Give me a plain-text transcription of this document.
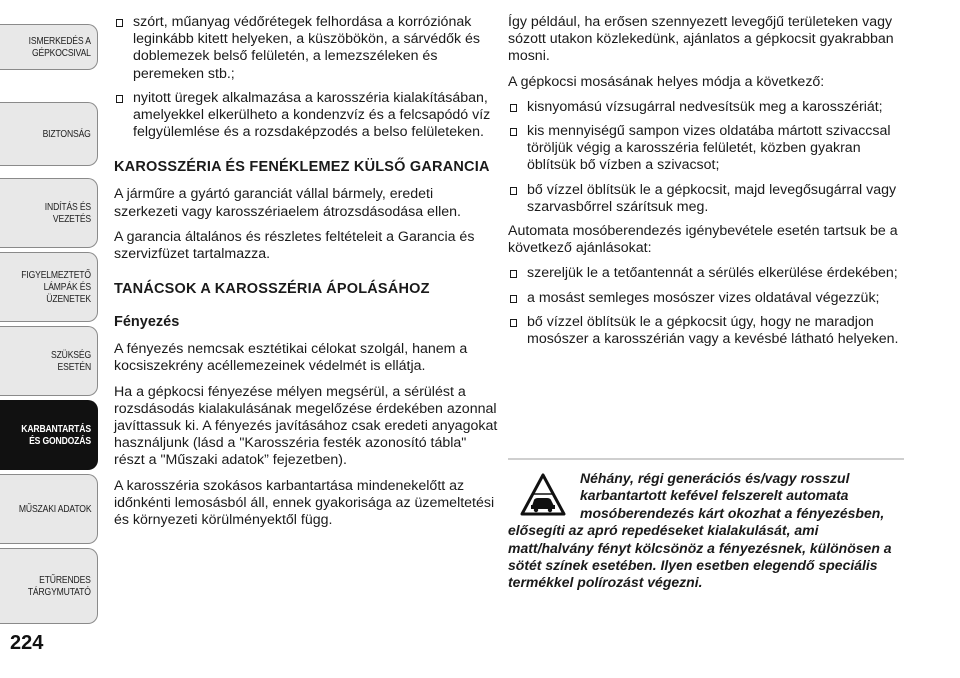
ISMERKEDÉS A
GÉPKOCSIVAL
BIZTONSÁG
INDÍTÁS ÉS VEZETÉS
FIGYELMEZTETŐ
LÁMPÁK ÉS
ÜZENETEK
SZÜKSÉG ESETÉN
KARBANTARTÁS
ÉS GONDOZÁS
MŰSZAKI ADATOK
ETŰRENDES
TÁRGYMUTATÓ
224
szórt, műanyag védőrétegek felhordása a korróziónak leginkább kitett helyeken, a küszöbökön, a sárvédők és doblemezek belső felületén, a lemezszéleken és peremeken stb.;
nyitott üregek alkalmazása a karosszéria kialakításában, amelyekkel elkerülheto a kondenzvíz és a felcsapódó víz felgyülemlése és a rozsdaképzodés a belso felületeken.
KAROSSZÉRIA ÉS FENÉKLEMEZ KÜLSŐ GARANCIA

A járműre a gyártó garanciát vállal bármely, eredeti szerkezeti vagy karosszériaelem átrozsdásodása ellen.

A garancia általános és részletes feltételeit a Garancia és szervizfüzet tartalmazza.

TANÁCSOK A KAROSSZÉRIA ÁPOLÁSÁHOZ
Fényezés

A fényezés nemcsak esztétikai célokat szolgál, hanem a kocsiszekrény acéllemezeinek védelmét is ellátja.

Ha a gépkocsi fényezése mélyen megsérül, a sérülést a rozsdásodás kialakulásának megelőzése érdekében azonnal javíttassuk ki. A fényezés javításához csak eredeti anyagokat használjunk (lásd a "Karosszéria festék azonosító tábla" részt a "Műszaki adatok” fejezetben).

A karosszéria szokásos karbantartása mindenekelőtt az időnkénti lemosásból áll, ennek gyakorisága az üzemeltetési és környezeti körülményektől függ.

Így például, ha erősen szennyezett levegőjű területeken vagy sózott utakon közlekedünk, ajánlatos a gépkocsit gyakrabban mosni.

A gépkocsi mosásának helyes módja a következő:

kisnyomású vízsugárral nedvesítsük meg a karosszériát;
kis mennyiségű sampon vizes oldatába mártott szivaccsal töröljük végig a karosszéria felületét, közben gyakran öblítsük bő vízben a szivacsot;
bő vízzel öblítsük le a gépkocsit, majd levegősugárral vagy szarvasbőrrel szárítsuk meg.

Automata mosóberendezés igénybevétele esetén tartsuk be a következő ajánlásokat:

szereljük le a tetőantennát a sérülés elkerülése érdekében;
a mosást semleges mosószer vizes oldatával végezzük;
bő vízzel öblítsük le a gépkocsit úgy, hogy ne maradjon mosószer a karosszérián vagy a kevésbé látható helyeken.
Néhány, régi generációs és/vagy rosszul karbantartott kefével felszerelt automata mosóberendezés kárt okozhat a fényezésben, elősegíti az apró repedéseket kialakulását, ami matt/halvány fényt kölcsönöz a fényezésnek, különösen a sötét színek esetében. Ilyen esetben elegendő speciális termékkel polírozást végezni.
